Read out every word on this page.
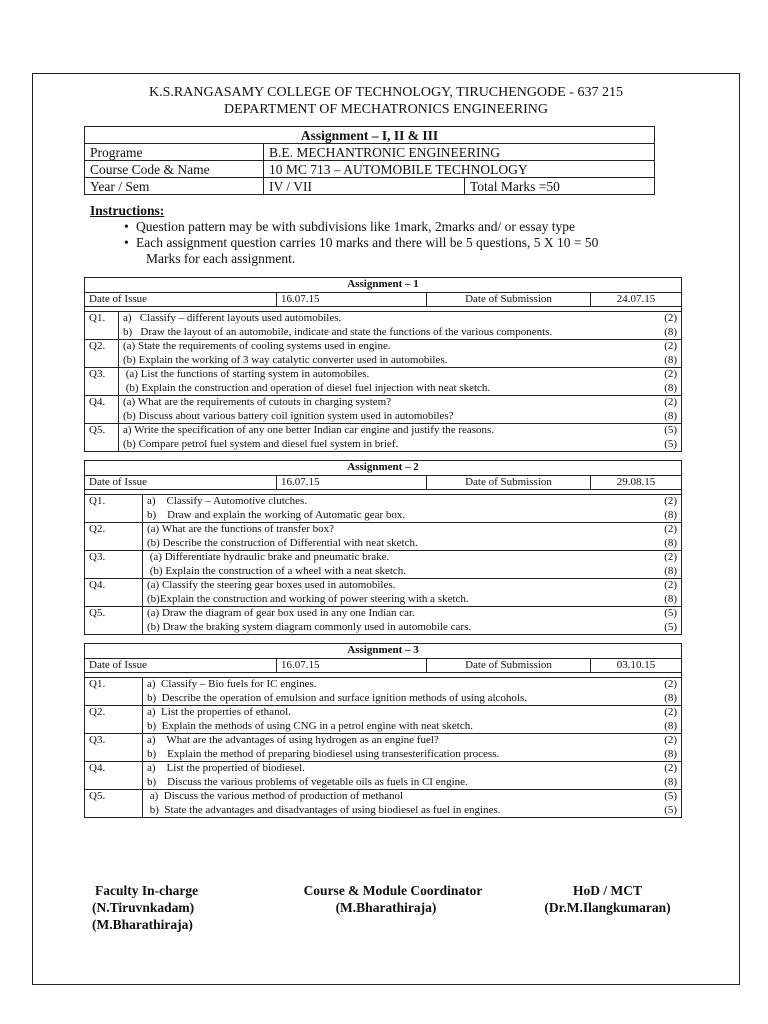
K.S.RANGASAMY COLLEGE OF TECHNOLOGY, TIRUCHENGODE - 637 215
DEPARTMENT OF MECHATRONICS ENGINEERING
Assignment – I, II & III		
Programe	B.E. MECHANTRONIC ENGINEERING	
Course Code & Name	10 MC 713 – AUTOMOBILE TECHNOLOGY	
Year / Sem	IV / VII	Total Marks =50
Instructions:
• Question pattern may be with subdivisions like 1mark, 2marks and/ or essay type
• Each assignment question carries 10 marks and there will be 5 questions, 5 X 10 = 50
Marks for each assignment.
Assignment – 1				
Date of Issue		16.07.15	Date of Submission	24.07.15

Q1.	a)   Classify – different layouts used automobiles. (2)
b)   Draw the layout of an automobile, indicate and state the functions of the various components. (8)			

Q2.	(a) State the requirements of cooling systems used in engine. (2)
(b) Explain the working of 3 way catalytic converter used in automobiles. (8)			

Q3.	(a) List the functions of starting system in automobiles. (2)
(b) Explain the construction and operation of diesel fuel injection with neat sketch. (8)			

Q4.	(a) What are the requirements of cutouts in charging system? (2)
(b) Discuss about various battery coil ignition system used in automobiles? (8)			

Q5.	a) Write the specification of any one better Indian car engine and justify the reasons. (5)
(b) Compare petrol fuel system and diesel fuel system in brief. (5)			
Assignment – 2				
Date of Issue		16.07.15	Date of Submission	29.08.15

Q1.	a)    Classify – Automotive clutches. (2)
b)    Draw and explain the working of Automatic gear box. (8)			

Q2.	(a) What are the functions of transfer box? (2)
(b) Describe the construction of Differential with neat sketch. (8)			

Q3.	(a) Differentiate hydraulic brake and pneumatic brake. (2)
(b) Explain the construction of a wheel with a neat sketch. (8)			

Q4.	(a) Classify the steering gear boxes used in automobiles. (2)
(b)Explain the construction and working of power steering with a sketch. (8)			

Q5.	(a) Draw the diagram of gear box used in any one Indian car. (5)
(b) Draw the braking system diagram commonly used in automobile cars. (5)			
Assignment – 3				
Date of Issue		16.07.15	Date of Submission	03.10.15

Q1.	a)  Classify – Bio fuels for IC engines. (2)
b)  Describe the operation of emulsion and surface ignition methods of using alcohols. (8)			

Q2.	a)  List the properties of ethanol. (2)
b)  Explain the methods of using CNG in a petrol engine with neat sketch. (8)			

Q3.	a)    What are the advantages of using hydrogen as an engine fuel? (2)
b)    Explain the method of preparing biodiesel using transesterification process. (8)			

Q4.	a)    List the propertied of biodiesel. (2)
b)    Discuss the various problems of vegetable oils as fuels in CI engine. (8)			

Q5.	a)  Discuss the various method of production of methanol (5)
b)  State the advantages and disadvantages of using biodiesel as fuel in engines. (5)			
Faculty In-charge
(N.Tiruvnkadam)
(M.Bharathiraja)
Course & Module Coordinator
(M.Bharathiraja)
HoD / MCT
(Dr.M.Ilangkumaran)
